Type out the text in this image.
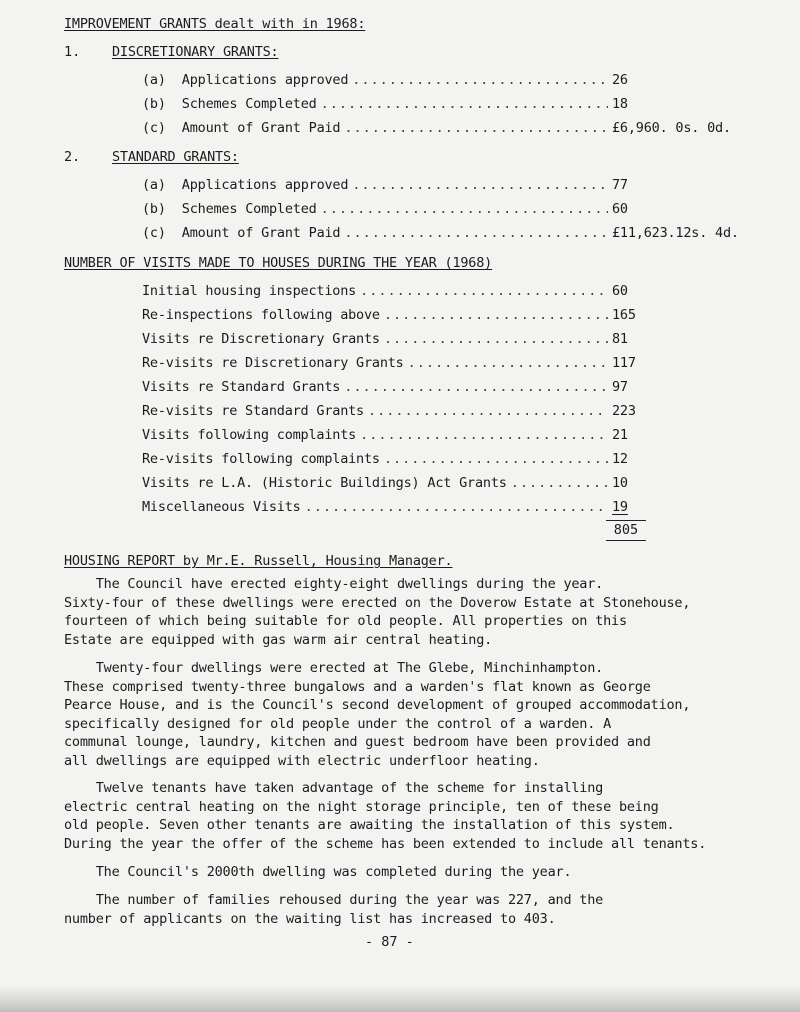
IMPROVEMENT GRANTS dealt with in 1968:
1. DISCRETIONARY GRANTS:
(a) Applications approved .....	26
(b) Schemes Completed .....	18
(c) Amount of Grant Paid .....	£6,960. 0s. 0d.
2. STANDARD GRANTS:
(a) Applications approved .....	77
(b) Schemes Completed .....	60
(c) Amount of Grant Paid .....	£11,623.12s. 4d.
NUMBER OF VISITS MADE TO HOUSES DURING THE YEAR (1968)
Initial housing inspections .....	60
Re-inspections following above .....	165
Visits re Discretionary Grants .....	81
Re-visits re Discretionary Grants .....	117
Visits re Standard Grants .....	97
Re-visits re Standard Grants .....	223
Visits following complaints .....	21
Re-visits following complaints .....	12
Visits re L.A. (Historic Buildings) Act Grants .....	10
Miscellaneous Visits .....	19
805
HOUSING REPORT by Mr.E. Russell, Housing Manager.
The Council have erected eighty-eight dwellings during the year.
Sixty-four of these dwellings were erected on the Doverow Estate at Stonehouse,
fourteen of which being suitable for old people. All properties on this
Estate are equipped with gas warm air central heating.
Twenty-four dwellings were erected at The Glebe, Minchinhampton.
These comprised twenty-three bungalows and a warden's flat known as George
Pearce House, and is the Council's second development of grouped accommodation,
specifically designed for old people under the control of a warden. A
communal lounge, laundry, kitchen and guest bedroom have been provided and
all dwellings are equipped with electric underfloor heating.
Twelve tenants have taken advantage of the scheme for installing
electric central heating on the night storage principle, ten of these being
old people. Seven other tenants are awaiting the installation of this system.
During the year the offer of the scheme has been extended to include all tenants.
The Council's 2000th dwelling was completed during the year.
The number of families rehoused during the year was 227, and the
number of applicants on the waiting list has increased to 403.
- 87 -
